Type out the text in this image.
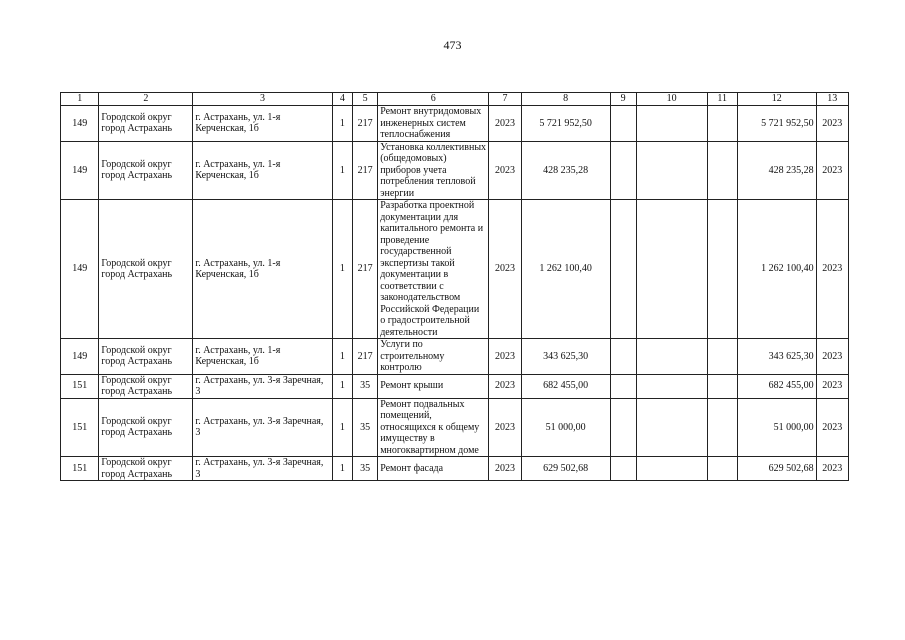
473
1	2	3	4	5	6	7	8	9	10	11	12	13
149	Городской округ город Астрахань	г. Астрахань, ул. 1-я Керченская, 1б	1	217	Ремонт внутридомовых инженерных систем теплоснабжения	2023	5 721 952,50				5 721 952,50	2023
149	Городской округ город Астрахань	г. Астрахань, ул. 1-я Керченская, 1б	1	217	Установка коллективных (общедомовых) приборов учета потребления тепловой энергии	2023	428 235,28				428 235,28	2023
149	Городской округ город Астрахань	г. Астрахань, ул. 1-я Керченская, 1б	1	217	Разработка проектной документации для капитального ремонта и проведение государственной экспертизы такой документации в соответствии с законодательством Российской Федерации о градостроительной деятельности	2023	1 262 100,40				1 262 100,40	2023
149	Городской округ город Астрахань	г. Астрахань, ул. 1-я Керченская, 1б	1	217	Услуги по строительному контролю	2023	343 625,30				343 625,30	2023
151	Городской округ город Астрахань	г. Астрахань, ул. 3-я Заречная, 3	1	35	Ремонт крыши	2023	682 455,00				682 455,00	2023
151	Городской округ город Астрахань	г. Астрахань, ул. 3-я Заречная, 3	1	35	Ремонт подвальных помещений, относящихся к общему имуществу в многоквартирном доме	2023	51 000,00				51 000,00	2023
151	Городской округ город Астрахань	г. Астрахань, ул. 3-я Заречная, 3	1	35	Ремонт фасада	2023	629 502,68				629 502,68	2023
